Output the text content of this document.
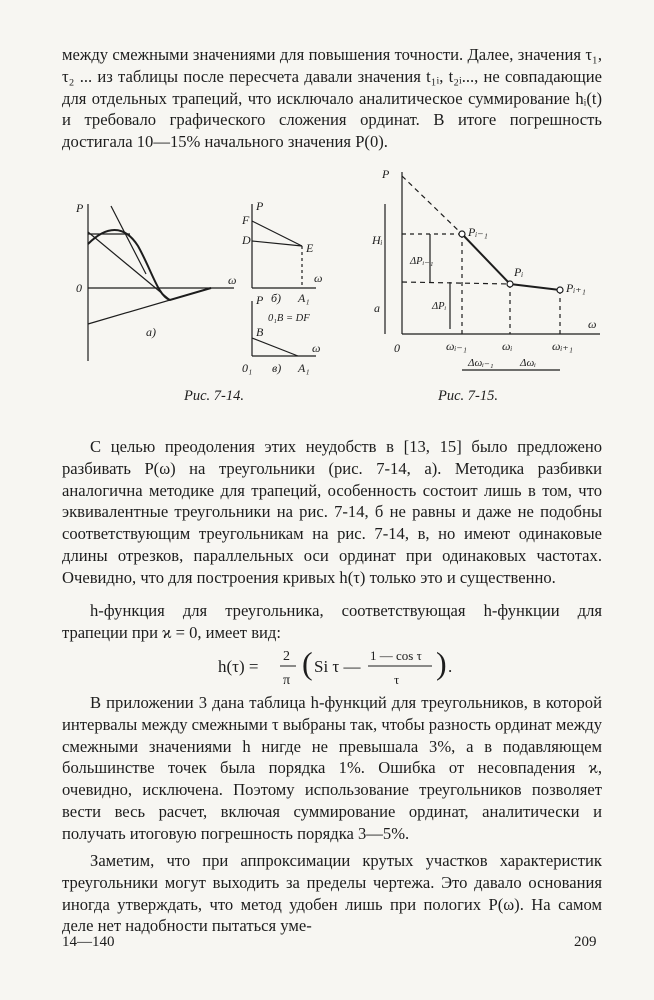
между смежными значениями для повышения точности. Далее, значения τ₁, τ₂ ... из таблицы после пересчета давали значения t₁ᵢ, t₂ᵢ..., не совпадающие для отдельных трапеций, что исключало аналитическое суммирование hᵢ(t) и требовало графического сложения ординат. В итоге погрешность достигала 10—15% начального значения P(0).

P
0
ω
a)
P
F
D
E
ω
б) A₁
P
0₁B = DF
B
0₁
ω
в) A₁
Рис. 7-14.
P
0
ω
a
Hᵢ
Pᵢ₋₁
Pᵢ
Pᵢ₊₁
ΔPᵢ₋₁
ΔPᵢ
ωᵢ₋₁	ωᵢ	ωᵢ₊₁
Δωᵢ₋₁ Δωᵢ
Рис. 7-15.

С целью преодоления этих неудобств в [13, 15] было предложено разбивать P(ω) на треугольники (рис. 7-14, а). Методика разбивки аналогична методике для трапеций, особенность состоит лишь в том, что эквивалентные треугольники на рис. 7-14, б не равны и даже не подобны соответствующим треугольникам на рис. 7-14, в, но имеют одинаковые длины отрезков, параллельных оси ординат при одинаковых частотах. Очевидно, что для построения кривых h(τ) только это и существенно.

h-функция для треугольника, соответствующая h-функции для трапеции при ϰ = 0, имеет вид:

h(τ) =
2
π ( Si τ —
1 — cos τ
τ ) .

В приложении 3 дана таблица h-функций для треугольников, в которой интервалы между смежными τ выбраны так, чтобы разность ординат между смежными значениями h нигде не превышала 3%, а в подавляющем большинстве точек была порядка 1%. Ошибка от несовпадения ϰ, очевидно, исключена. Поэтому использование треугольников позволяет вести весь расчет, включая суммирование ординат, аналитически и получать итоговую погрешность порядка 3—5%.

Заметим, что при аппроксимации крутых участков характеристик треугольники могут выходить за пределы чертежа. Это давало основания иногда утверждать, что метод удобен лишь при пологих P(ω). На самом деле нет надобности пытаться уме-

14—140	209
